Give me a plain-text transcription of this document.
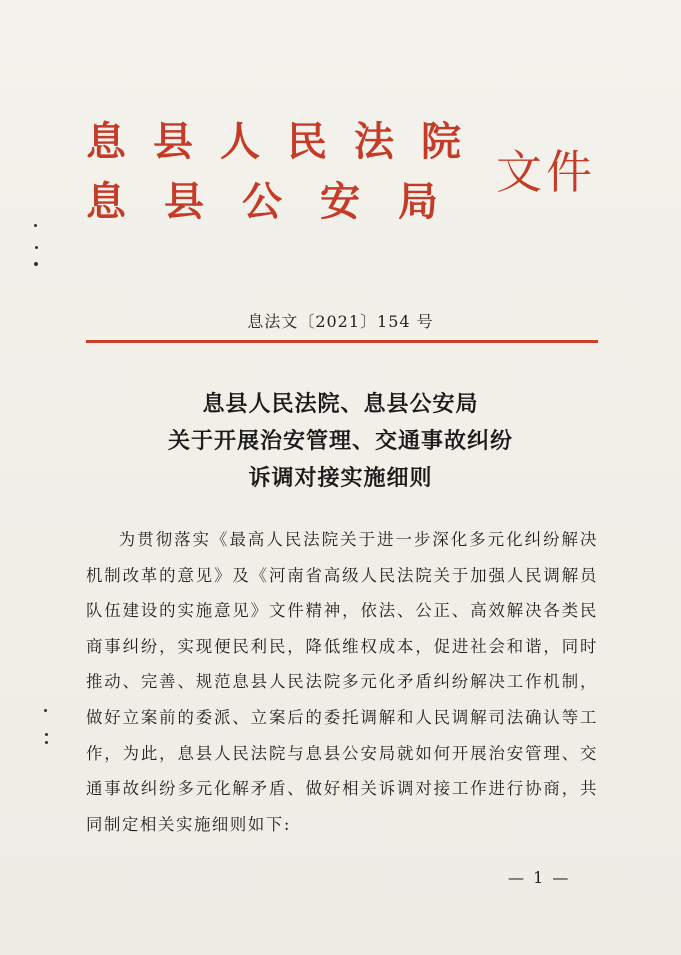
息县人民法院
息县公安局
文件
息法文〔2021〕154 号
息县人民法院、息县公安局
关于开展治安管理、交通事故纠纷
诉调对接实施细则
为贯彻落实《最高人民法院关于进一步深化多元化纠纷解决机制改革的意见》及《河南省高级人民法院关于加强人民调解员队伍建设的实施意见》文件精神，依法、公正、高效解决各类民商事纠纷，实现便民利民，降低维权成本，促进社会和谐，同时推动、完善、规范息县人民法院多元化矛盾纠纷解决工作机制，做好立案前的委派、立案后的委托调解和人民调解司法确认等工作，为此，息县人民法院与息县公安局就如何开展治安管理、交通事故纠纷多元化解矛盾、做好相关诉调对接工作进行协商，共同制定相关实施细则如下:
— 1 —
